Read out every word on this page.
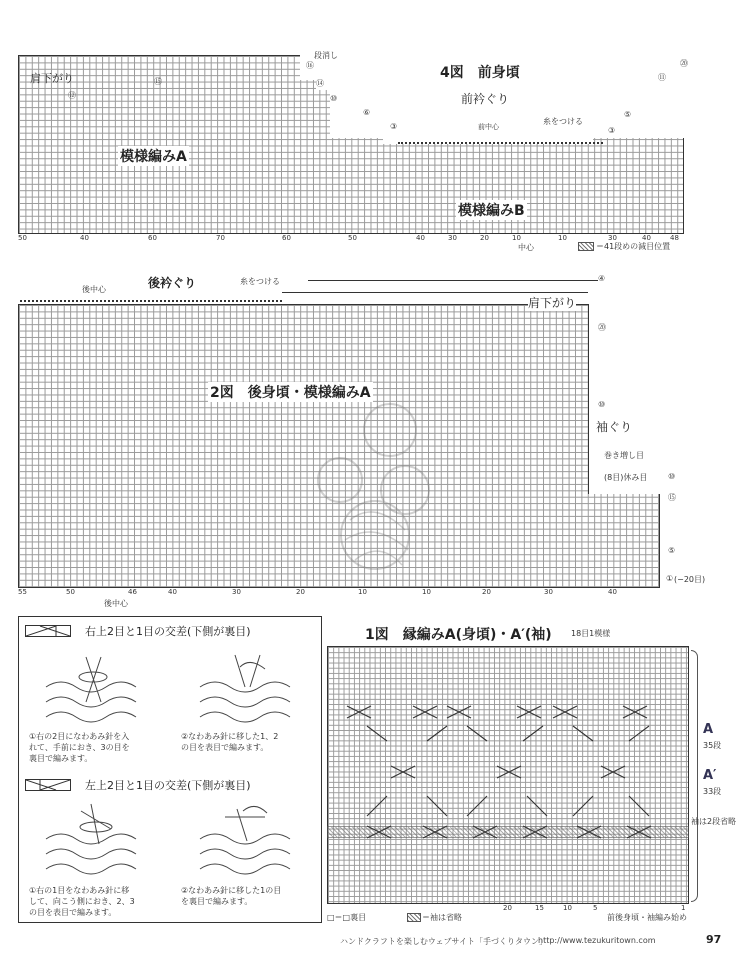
肩下がり	4図　前身頃
前衿ぐり
模様編みA
模様編みB
前中心
糸をつける
段消し
⑯
⑭
⑩
⑥
③
⑤
③
⑪
⑳
⑫
⑮
50	40	60	70	60	50	40	30	20	10	10	30	40	48
中心	＝41段めの減目位置
後衿ぐり
後中心
糸をつける
肩下がり
2図　後身頃・模様編みA
袖ぐり
巻き増し目
(8目)休み目
(−20目)
④
⑳
⑩
⑩
⑮
⑤
①
55	50	46	40	30	20	10	10	20	30	40
後中心
右上2目と1目の交差(下側が裏目)
①右の2目になわあみ針を入
れて、手前におき、3の目を
裏目で編みます。
②なわあみ針に移した1、2
の目を表目で編みます。
左上2目と1目の交差(下側が裏目)
①右の1目をなわあみ針に移
して、向こう側におき、2、3
の目を表目で編みます。
②なわあみ針に移した1の目
を裏目で編みます。
1図　縁編みA(身頃)・A′(袖) 18目1模様
A
35段
A′
33段
袖は2段省略
20	15	10	5	1
□＝□裏目	＝袖は省略	前後身頃・袖編み始め
ハンドクラフトを楽しむウェブサイト「手づくりタウン」
http://www.tezukuritown.com	97
